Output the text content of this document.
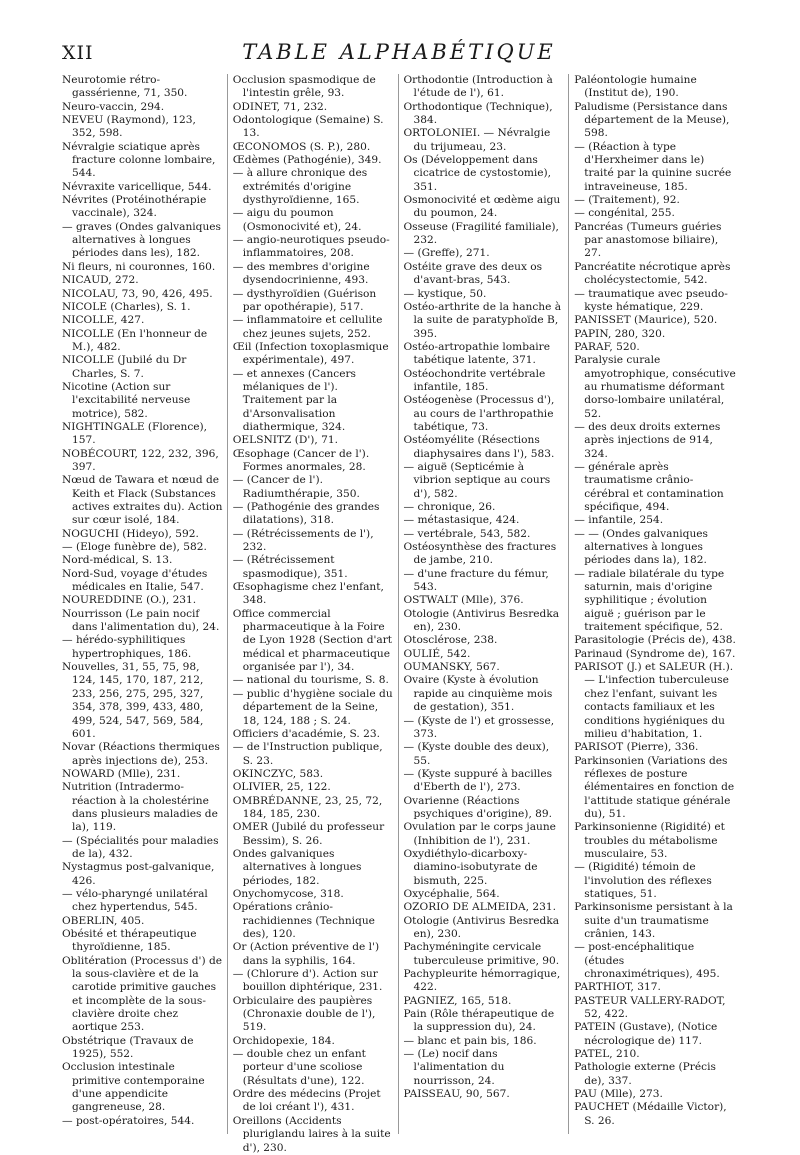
XII	TABLE ALPHABÉTIQUE

Neurotomie rétro-gassérienne, 71, 350.

Neuro-vaccin, 294.

NEVEU (Raymond), 123, 352, 598.

Névralgie sciatique après fracture colonne lombaire, 544.

Névraxite varicellique, 544.

Névrites (Protéinothérapie vaccinale), 324.

— graves (Ondes galvaniques alternatives à longues périodes dans les), 182.

Ni fleurs, ni couronnes, 160.

NICAUD, 272.

NICOLAU, 73, 90, 426, 495.

NICOLE (Charles), S. 1.

NICOLLE, 427.

NICOLLE (En l'honneur de M.), 482.

NICOLLE (Jubilé du Dr Charles, S. 7.

Nicotine (Action sur l'excitabilité nerveuse motrice), 582.

NIGHTINGALE (Florence), 157.

NOBÉCOURT, 122, 232, 396, 397.

Nœud de Tawara et nœud de Keith et Flack (Substances actives extraites du). Action sur cœur isolé, 184.

NOGUCHI (Hideyo), 592.

— (Eloge funèbre de), 582.

Nord-médical, S. 13.

Nord-Sud, voyage d'études médicales en Italie, 547.

NOUREDDINE (O.), 231.

Nourrisson (Le pain nocif dans l'alimentation du), 24.

— hérédo-syphilitiques hypertrophiques, 186.

Nouvelles, 31, 55, 75, 98, 124, 145, 170, 187, 212, 233, 256, 275, 295, 327, 354, 378, 399, 433, 480, 499, 524, 547, 569, 584, 601.

Novar (Réactions thermiques après injections de), 253.

NOWARD (Mlle), 231.

Nutrition (Intradermo-réaction à la cholestérine dans plusieurs maladies de la), 119.

— (Spécialités pour maladies de la), 432.

Nystagmus post-galvanique, 426.

— vélo-pharyngé unilatéral chez hypertendus, 545.

OBERLIN, 405.

Obésité et thérapeutique thyroïdienne, 185.

Oblitération (Processus d') de la sous-clavière et de la carotide primitive gauches et incomplète de la sous-clavière droite chez aortique 253.

Obstétrique (Travaux de 1925), 552.

Occlusion intestinale primitive contemporaine d'une appendicite gangreneuse, 28.

— post-opératoires, 544.

Occlusion spasmodique de l'intestin grêle, 93.

ODINET, 71, 232.

Odontologique (Semaine) S. 13.

ŒCONOMOS (S. P.), 280.

Œdèmes (Pathogénie), 349.

— à allure chronique des extrémités d'origine dysthyroïdienne, 165.

— aigu du poumon (Osmonocivité et), 24.

— angio-neurotiques pseudo-inflammatoires, 208.

— des membres d'origine dysendocrinienne, 493.

— dysthyroïdien (Guérison par opothérapie), 517.

— inflammatoire et cellulite chez jeunes sujets, 252.

Œil (Infection toxoplasmique expérimentale), 497.

— et annexes (Cancers mélaniques de l'). Traitement par la d'Arsonvalisation diathermique, 324.

OELSNITZ (D'), 71.

Œsophage (Cancer de l'). Formes anormales, 28.

— (Cancer de l'). Radiumthérapie, 350.

— (Pathogénie des grandes dilatations), 318.

— (Rétrécissements de l'), 232.

— (Rétrécissement spasmodique), 351.

Œsophagisme chez l'enfant, 348.

Office commercial pharmaceutique à la Foire de Lyon 1928 (Section d'art médical et pharmaceutique organisée par l'), 34.

— national du tourisme, S. 8.

— public d'hygiène sociale du département de la Seine, 18, 124, 188 ; S. 24.

Officiers d'académie, S. 23.

— de l'Instruction publique, S. 23.

OKINCZYC, 583.

OLIVIER, 25, 122.

OMBRÉDANNE, 23, 25, 72, 184, 185, 230.

OMER (Jubilé du professeur Bessim), S. 26.

Ondes galvaniques alternatives à longues périodes, 182.

Onychomycose, 318.

Opérations crânio-rachidiennes (Technique des), 120.

Or (Action préventive de l') dans la syphilis, 164.

— (Chlorure d'). Action sur bouillon diphtérique, 231.

Orbiculaire des paupières (Chronaxie double de l'), 519.

Orchidopexie, 184.

— double chez un enfant porteur d'une scoliose (Résultats d'une), 122.

Ordre des médecins (Projet de loi créant l'), 431.

Oreillons (Accidents pluriglandu laires à la suite d'), 230.

Orthodontie (Introduction à l'étude de l'), 61.

Orthodontique (Technique), 384.

ORTOLONIEI. — Névralgie du trijumeau, 23.

Os (Développement dans cicatrice de cystostomie), 351.

Osmonocivité et œdème aigu du poumon, 24.

Osseuse (Fragilité familiale), 232.

— (Greffe), 271.

Ostéite grave des deux os d'avant-bras, 543.

— kystique, 50.

Ostéo-arthrite de la hanche à la suite de paratyphoïde B, 395.

Ostéo-artropathie lombaire tabétique latente, 371.

Ostéochondrite vertébrale infantile, 185.

Ostéogenèse (Processus d'), au cours de l'arthropathie tabétique, 73.

Ostéomyélite (Résections diaphysaires dans l'), 583.

— aiguë (Septicémie à vibrion septique au cours d'), 582.

— chronique, 26.

— métastasique, 424.

— vertébrale, 543, 582.

Ostéosynthèse des fractures de jambe, 210.

— d'une fracture du fémur, 543.

OSTWALT (Mlle), 376.

Otologie (Antivirus Besredka en), 230.

Otosclérose, 238.

OULIÉ, 542.

OUMANSKY, 567.

Ovaire (Kyste à évolution rapide au cinquième mois de gestation), 351.

— (Kyste de l') et grossesse, 373.

— (Kyste double des deux), 55.

— (Kyste suppuré à bacilles d'Eberth de l'), 273.

Ovarienne (Réactions psychiques d'origine), 89.

Ovulation par le corps jaune (Inhibition de l'), 231.

Oxydiéthylo-dicarboxy-diamino-isobutyrate de bismuth, 225.

Oxycéphalie, 564.

OZORIO DE ALMEIDA, 231.

Otologie (Antivirus Besredka en), 230.

Pachyméningite cervicale tuberculeuse primitive, 90.

Pachypleurite hémorragique, 422.

PAGNIEZ, 165, 518.

Pain (Rôle thérapeutique de la suppression du), 24.

— blanc et pain bis, 186.

— (Le) nocif dans l'alimentation du nourrisson, 24.

PAISSEAU, 90, 567.

Paléontologie humaine (Institut de), 190.

Paludisme (Persistance dans département de la Meuse), 598.

— (Réaction à type d'Herxheimer dans le) traité par la quinine sucrée intraveineuse, 185.

— (Traitement), 92.

— congénital, 255.

Pancréas (Tumeurs guéries par anastomose biliaire), 27.

Pancréatite nécrotique après cholécystectomie, 542.

— traumatique avec pseudo-kyste hématique, 229.

PANISSET (Maurice), 520.

PAPIN, 280, 320.

PARAF, 520.

Paralysie curale amyotrophique, consécutive au rhumatisme déformant dorso-lombaire unilatéral, 52.

— des deux droits externes après injections de 914, 324.

— générale après traumatisme crânio-cérébral et contamination spécifique, 494.

— infantile, 254.

— — (Ondes galvaniques alternatives à longues périodes dans la), 182.

— radiale bilatérale du type saturnin, mais d'origine syphilitique ; évolution aiguë ; guérison par le traitement spécifique, 52.

Parasitologie (Précis de), 438.

Parinaud (Syndrome de), 167.

PARISOT (J.) et SALEUR (H.). — L'infection tuberculeuse chez l'enfant, suivant les contacts familiaux et les conditions hygiéniques du milieu d'habitation, 1.

PARISOT (Pierre), 336.

Parkinsonien (Variations des réflexes de posture élémentaires en fonction de l'attitude statique générale du), 51.

Parkinsonienne (Rigidité) et troubles du métabolisme musculaire, 53.

— (Rigidité) témoin de l'involution des réflexes statiques, 51.

Parkinsonisme persistant à la suite d'un traumatisme crânien, 143.

— post-encéphalitique (études chronaximétriques), 495.

PARTHIOT, 317.

PASTEUR VALLERY-RADOT, 52, 422.

PATEIN (Gustave), (Notice nécrologique de) 117.

PATEL, 210.

Pathologie externe (Précis de), 337.

PAU (Mlle), 273.

PAUCHET (Médaille Victor), S. 26.
